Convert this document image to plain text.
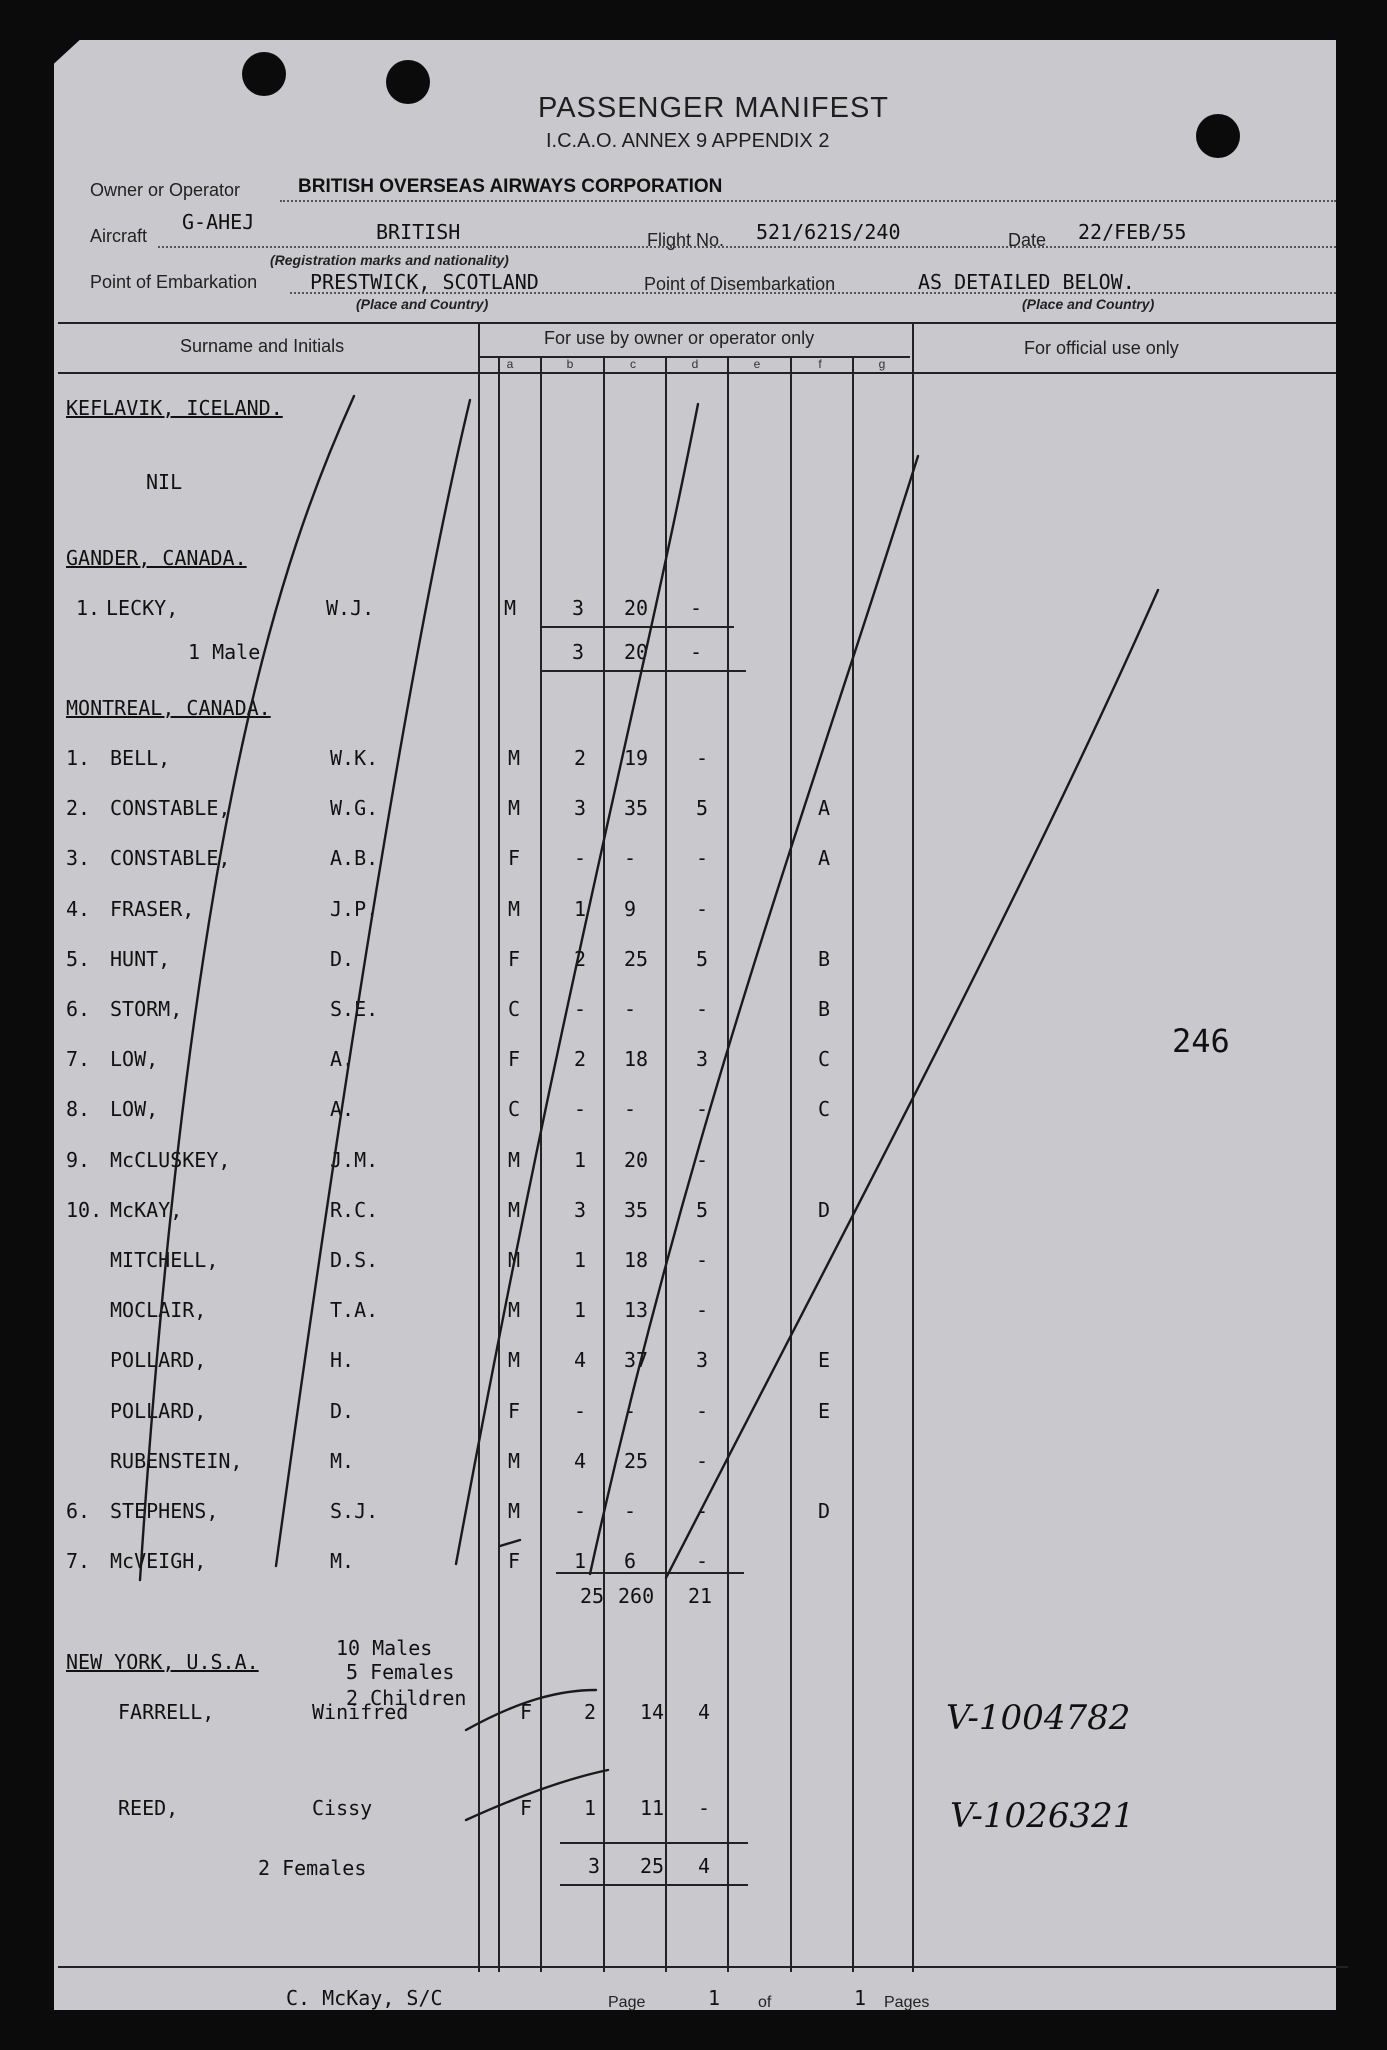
PASSENGER MANIFEST
I.C.A.O. ANNEX 9 APPENDIX 2
Owner or Operator	BRITISH OVERSEAS AIRWAYS CORPORATION
Aircraft
G-AHEJ	BRITISH	Flight No. 521/621S/240	Date 22/FEB/55
(Registration marks and nationality)
Point of Embarkation	PRESTWICK, SCOTLAND	Point of Disembarkation	AS DETAILED BELOW.
(Place and Country)	(Place and Country)
Surname and Initials	For use by owner or operator only	For official use only
a	b	c	d	e	f	g
KEFLAVIK, ICELAND.
NIL
GANDER, CANADA.
1. LECKY,	W.J.	M	3 20 -
1 Male	3 20 -
MONTREAL, CANADA.
1. BELL,	W.K.	M	2 19 -
2. CONSTABLE,	W.G.	M	3 35 5	A
3. CONSTABLE,	A.B.	F	- -	-	A
4. FRASER,	J.P.	M	1 9	-
5. HUNT,	D.	F	2 25 5	B
6. STORM,	S.E.	C	- -	-	B
7. LOW,	A.	F	2 18 3	C
8. LOW,	A.	C	- -	-	C
9. McCLUSKEY,	J.M.	M	1 20 -
10. McKAY,	R.C.	M	3 35 5	D
MITCHELL,	D.S.	M	1 18 -
MOCLAIR,	T.A.	M	1 13 -
POLLARD,	H.	M	4 37 3	E
POLLARD,	D.	F	- -	-	E
RUBENSTEIN,	M.	M	4 25 -
6. STEPHENS,	S.J.	M	- -	-	D
7. McVEIGH,	M.	F	1 6	-
25 260 21
NEW YORK, U.S.A.
10 Males
5 Females
2 Children
FARRELL,	Winifred	F	2 14 4
REED,	Cissy	F	1 11 -
2 Females	3 25 4
246
V-1004782
V-1026321
C. McKay, S/C	Page	1 of	1 Pages
